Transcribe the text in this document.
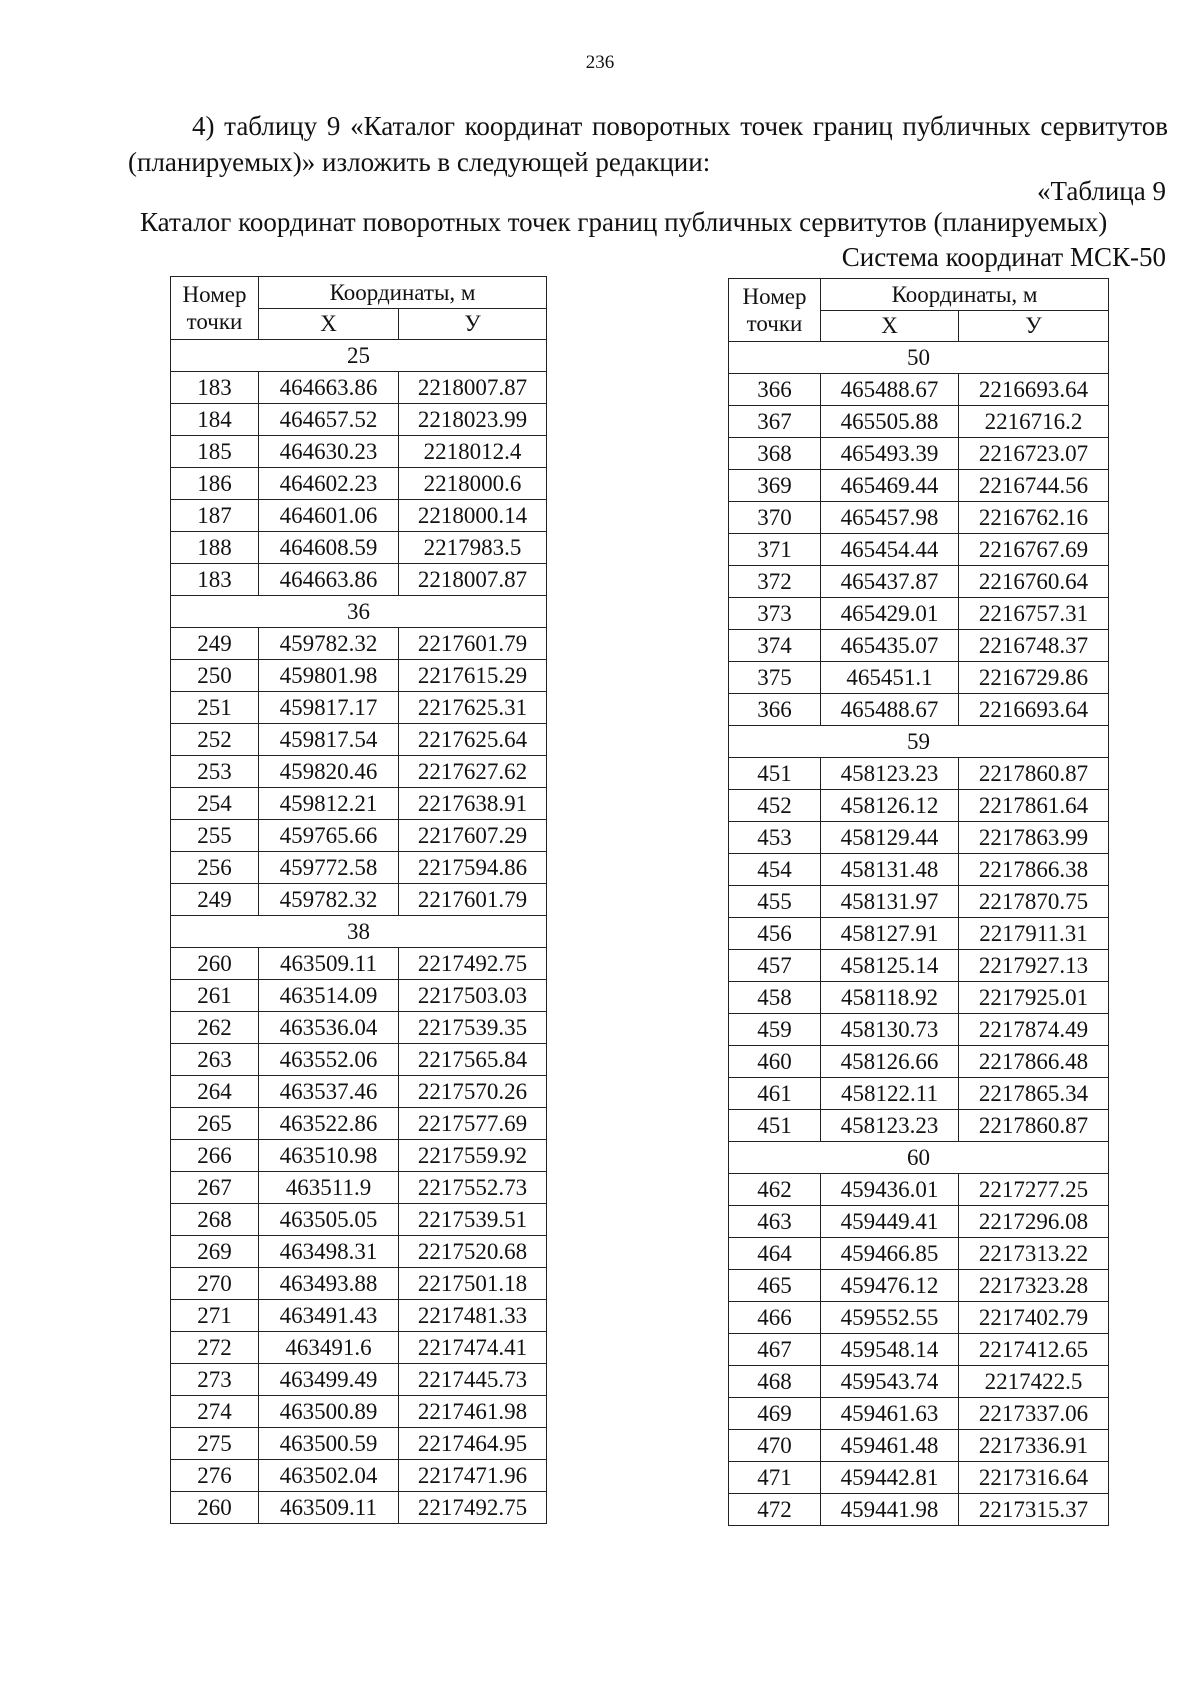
236
4) таблицу 9 «Каталог координат поворотных точек границ публичных сервитутов (планируемых)» изложить в следующей редакции:
«Таблица 9
Каталог координат поворотных точек границ публичных сервитутов (планируемых)
Система координат МСК-50
Номер
точки	Координаты, м	
	Х	У
25		
183	464663.86	2218007.87
184	464657.52	2218023.99
185	464630.23	2218012.4
186	464602.23	2218000.6
187	464601.06	2218000.14
188	464608.59	2217983.5
183	464663.86	2218007.87
36		
249	459782.32	2217601.79
250	459801.98	2217615.29
251	459817.17	2217625.31
252	459817.54	2217625.64
253	459820.46	2217627.62
254	459812.21	2217638.91
255	459765.66	2217607.29
256	459772.58	2217594.86
249	459782.32	2217601.79
38		
260	463509.11	2217492.75
261	463514.09	2217503.03
262	463536.04	2217539.35
263	463552.06	2217565.84
264	463537.46	2217570.26
265	463522.86	2217577.69
266	463510.98	2217559.92
267	463511.9	2217552.73
268	463505.05	2217539.51
269	463498.31	2217520.68
270	463493.88	2217501.18
271	463491.43	2217481.33
272	463491.6	2217474.41
273	463499.49	2217445.73
274	463500.89	2217461.98
275	463500.59	2217464.95
276	463502.04	2217471.96
260	463509.11	2217492.75
Номер
точки	Координаты, м	
	Х	У
50		
366	465488.67	2216693.64
367	465505.88	2216716.2
368	465493.39	2216723.07
369	465469.44	2216744.56
370	465457.98	2216762.16
371	465454.44	2216767.69
372	465437.87	2216760.64
373	465429.01	2216757.31
374	465435.07	2216748.37
375	465451.1	2216729.86
366	465488.67	2216693.64
59		
451	458123.23	2217860.87
452	458126.12	2217861.64
453	458129.44	2217863.99
454	458131.48	2217866.38
455	458131.97	2217870.75
456	458127.91	2217911.31
457	458125.14	2217927.13
458	458118.92	2217925.01
459	458130.73	2217874.49
460	458126.66	2217866.48
461	458122.11	2217865.34
451	458123.23	2217860.87
60		
462	459436.01	2217277.25
463	459449.41	2217296.08
464	459466.85	2217313.22
465	459476.12	2217323.28
466	459552.55	2217402.79
467	459548.14	2217412.65
468	459543.74	2217422.5
469	459461.63	2217337.06
470	459461.48	2217336.91
471	459442.81	2217316.64
472	459441.98	2217315.37
